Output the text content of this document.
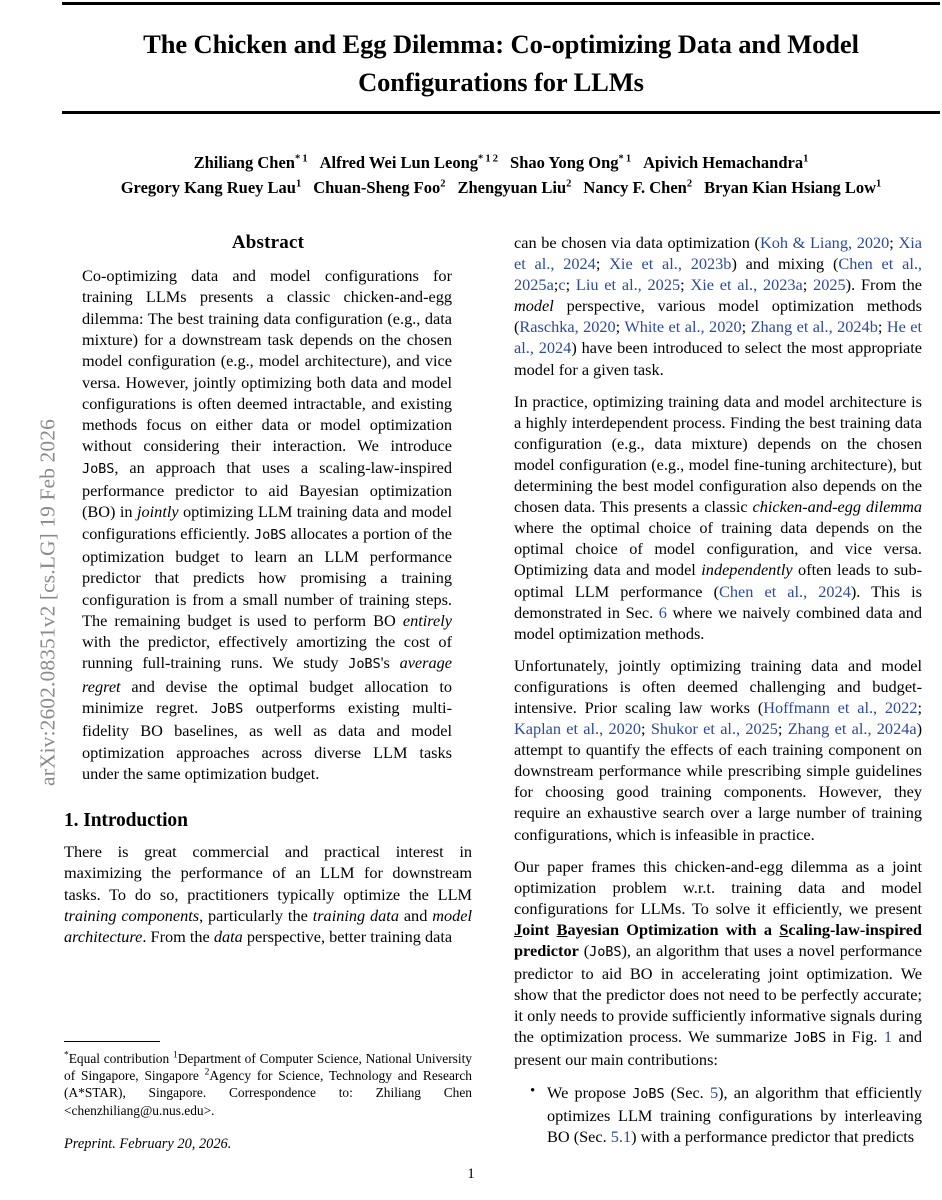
arXiv:2602.08351v2 [cs.LG] 19 Feb 2026
The Chicken and Egg Dilemma: Co-optimizing Data and Model Configurations for LLMs
Zhiliang Chen$^{* 1}$ Alfred Wei Lun Leong$^{* 1 2}$ Shao Yong Ong$^{* 1}$ Apivich Hemachandra$^1$
Gregory Kang Ruey Lau$^1$ Chuan-Sheng Foo$^2$ Zhengyuan Liu$^2$ Nancy F. Chen$^2$ Bryan Kian Hsiang Low$^1$
Abstract
Co-optimizing data and model configurations for training LLMs presents a classic chicken-and-egg dilemma: The best training data configuration (e.g., data mixture) for a downstream task depends on the chosen model configuration (e.g., model architecture), and vice versa. However, jointly optimizing both data and model configurations is often deemed intractable, and existing methods focus on either data or model optimization without considering their interaction. We introduce JoBS, an approach that uses a scaling-law-inspired performance predictor to aid Bayesian optimization (BO) in jointly optimizing LLM training data and model configurations efficiently. JoBS allocates a portion of the optimization budget to learn an LLM performance predictor that predicts how promising a training configuration is from a small number of training steps. The remaining budget is used to perform BO entirely with the predictor, effectively amortizing the cost of running full-training runs. We study JoBS's average regret and devise the optimal budget allocation to minimize regret. JoBS outperforms existing multi-fidelity BO baselines, as well as data and model optimization approaches across diverse LLM tasks under the same optimization budget.
1. Introduction

There is great commercial and practical interest in maximizing the performance of an LLM for downstream tasks. To do so, practitioners typically optimize the LLM training components, particularly the training data and model architecture. From the data perspective, better training data

can be chosen via data optimization (Koh & Liang, 2020; Xia et al., 2024; Xie et al., 2023b) and mixing (Chen et al., 2025a;c; Liu et al., 2025; Xie et al., 2023a; 2025). From the model perspective, various model optimization methods (Raschka, 2020; White et al., 2020; Zhang et al., 2024b; He et al., 2024) have been introduced to select the most appropriate model for a given task.

In practice, optimizing training data and model architecture is a highly interdependent process. Finding the best training data configuration (e.g., data mixture) depends on the chosen model configuration (e.g., model fine-tuning architecture), but determining the best model configuration also depends on the chosen data. This presents a classic chicken-and-egg dilemma where the optimal choice of training data depends on the optimal choice of model configuration, and vice versa. Optimizing data and model independently often leads to sub-optimal LLM performance (Chen et al., 2024). This is demonstrated in Sec. 6 where we naively combined data and model optimization methods.

Unfortunately, jointly optimizing training data and model configurations is often deemed challenging and budget-intensive. Prior scaling law works (Hoffmann et al., 2022; Kaplan et al., 2020; Shukor et al., 2025; Zhang et al., 2024a) attempt to quantify the effects of each training component on downstream performance while prescribing simple guidelines for choosing good training components. However, they require an exhaustive search over a large number of training configurations, which is infeasible in practice.

Our paper frames this chicken-and-egg dilemma as a joint optimization problem w.r.t. training data and model configurations for LLMs. To solve it efficiently, we present Joint Bayesian Optimization with a Scaling-law-inspired predictor (JoBS), an algorithm that uses a novel performance predictor to aid BO in accelerating joint optimization. We show that the predictor does not need to be perfectly accurate; it only needs to provide sufficiently informative signals during the optimization process. We summarize JoBS in Fig. 1 and present our main contributions:

• We propose JoBS (Sec. 5), an algorithm that efficiently optimizes LLM training configurations by interleaving BO (Sec. 5.1) with a performance predictor that predicts
*Equal contribution $^1$Department of Computer Science, National University of Singapore, Singapore $^2$Agency for Science, Technology and Research (A*STAR), Singapore. Correspondence to: Zhiliang Chen <chenzhiliang@u.nus.edu>.
Preprint. February 20, 2026.
1
